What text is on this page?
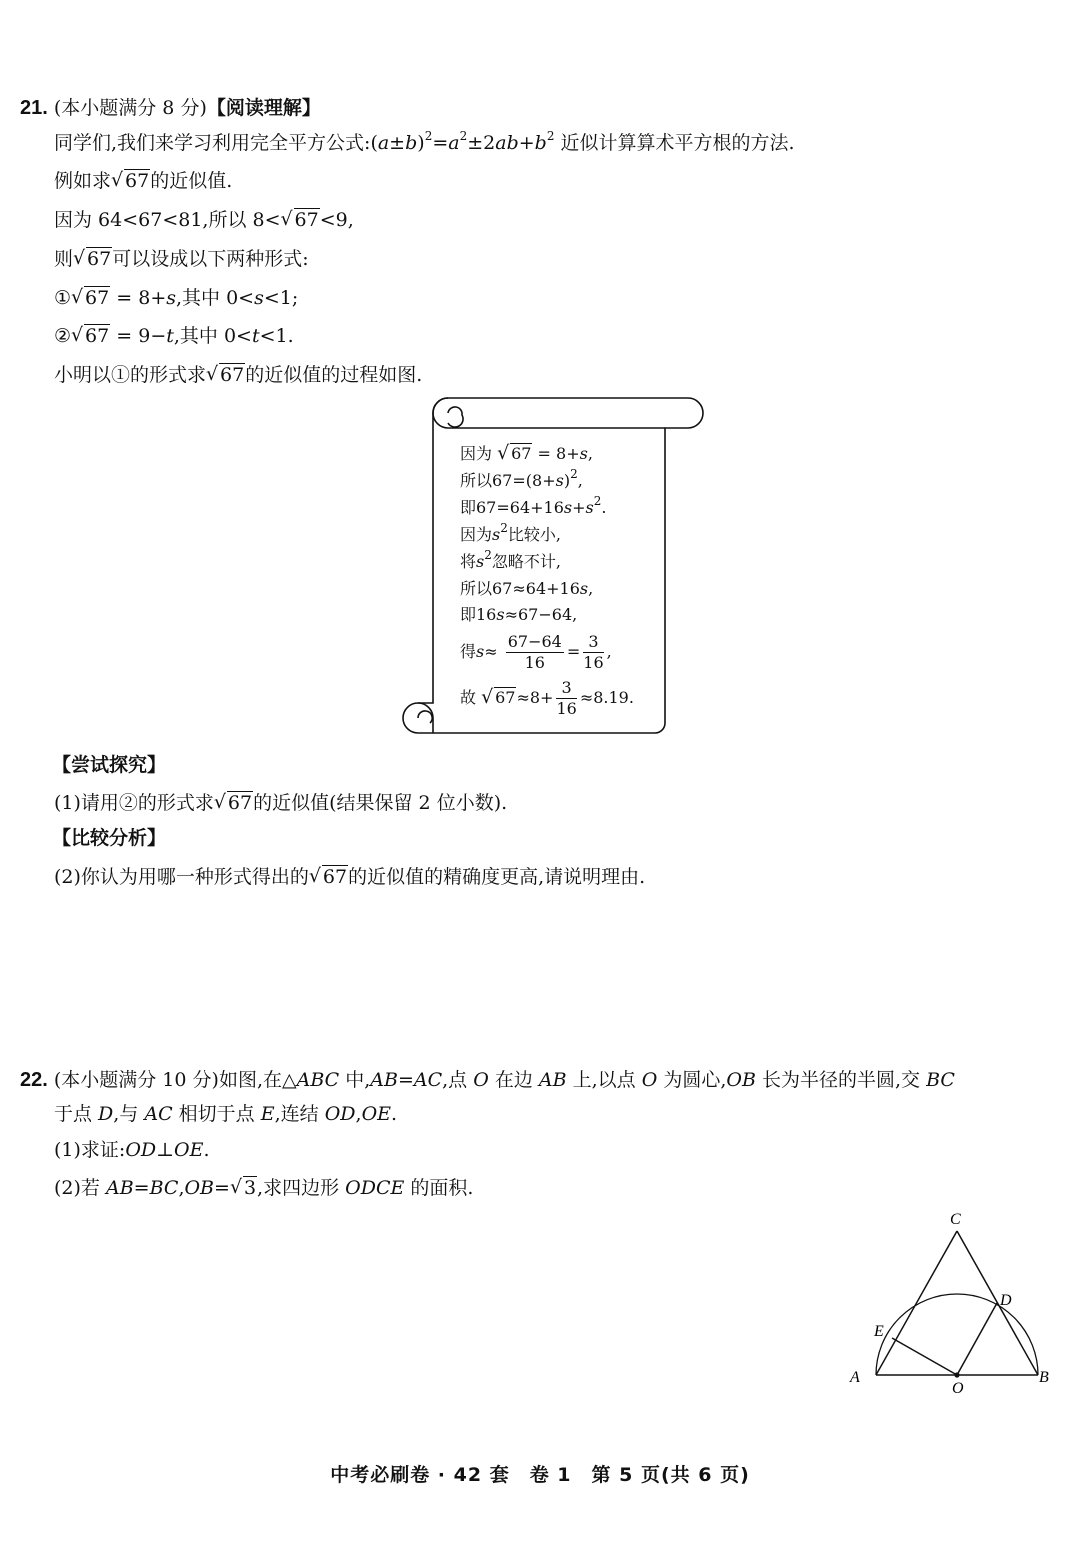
21. (本小题满分 8 分)【阅读理解】
同学们,我们来学习利用完全平方公式$:(a\pm b)^2=a^2\pm 2ab+b^2$ 近似计算算术平方根的方法.
例如求 √ 67的近似值.
因为 64<67<81,所以 8< √ 67<9,
则 √ 67可以设成以下两种形式:
① √ 67 = 8+s,其中 0<s<1;
② √ 67 = 9−t,其中 0<t<1.
小明以①的形式求 √ 67的近似值的过程如图.
因为 √ 67 = 8+s,
所以$67=(8+s)^2$,
即$67=64+16s+s^2$.
因为$s^2$比较小,
将$s^2$忽略不计,
所以67≈64+16s,
即16s≈67−64,
得$s\approx \frac{67-64}{16} = \frac{3}{16}$ ,
故 √ $67\approx 8+ \frac{3}{16} \approx 8.19$.
【尝试探究】
(1)请用②的形式求 √ 67的近似值(结果保留 2 位小数).
【比较分析】
(2)你认为用哪一种形式得出的 √ 67的近似值的精确度更高,请说明理由.
22. (本小题满分 10 分)如图,在△ABC 中,AB=AC,点 O 在边 AB 上,以点 O 为圆心,OB 长为半径的半圆,交 BC
于点 D,与 AC 相切于点 E,连结 OD,OE.
(1)求证:OD⊥OE.
(2)若 AB=BC,OB= √ 3,求四边形 ODCE 的面积.
A	B
C
D
E
O
中考必刷卷 · 42 套　卷 1　第 5 页(共 6 页)
